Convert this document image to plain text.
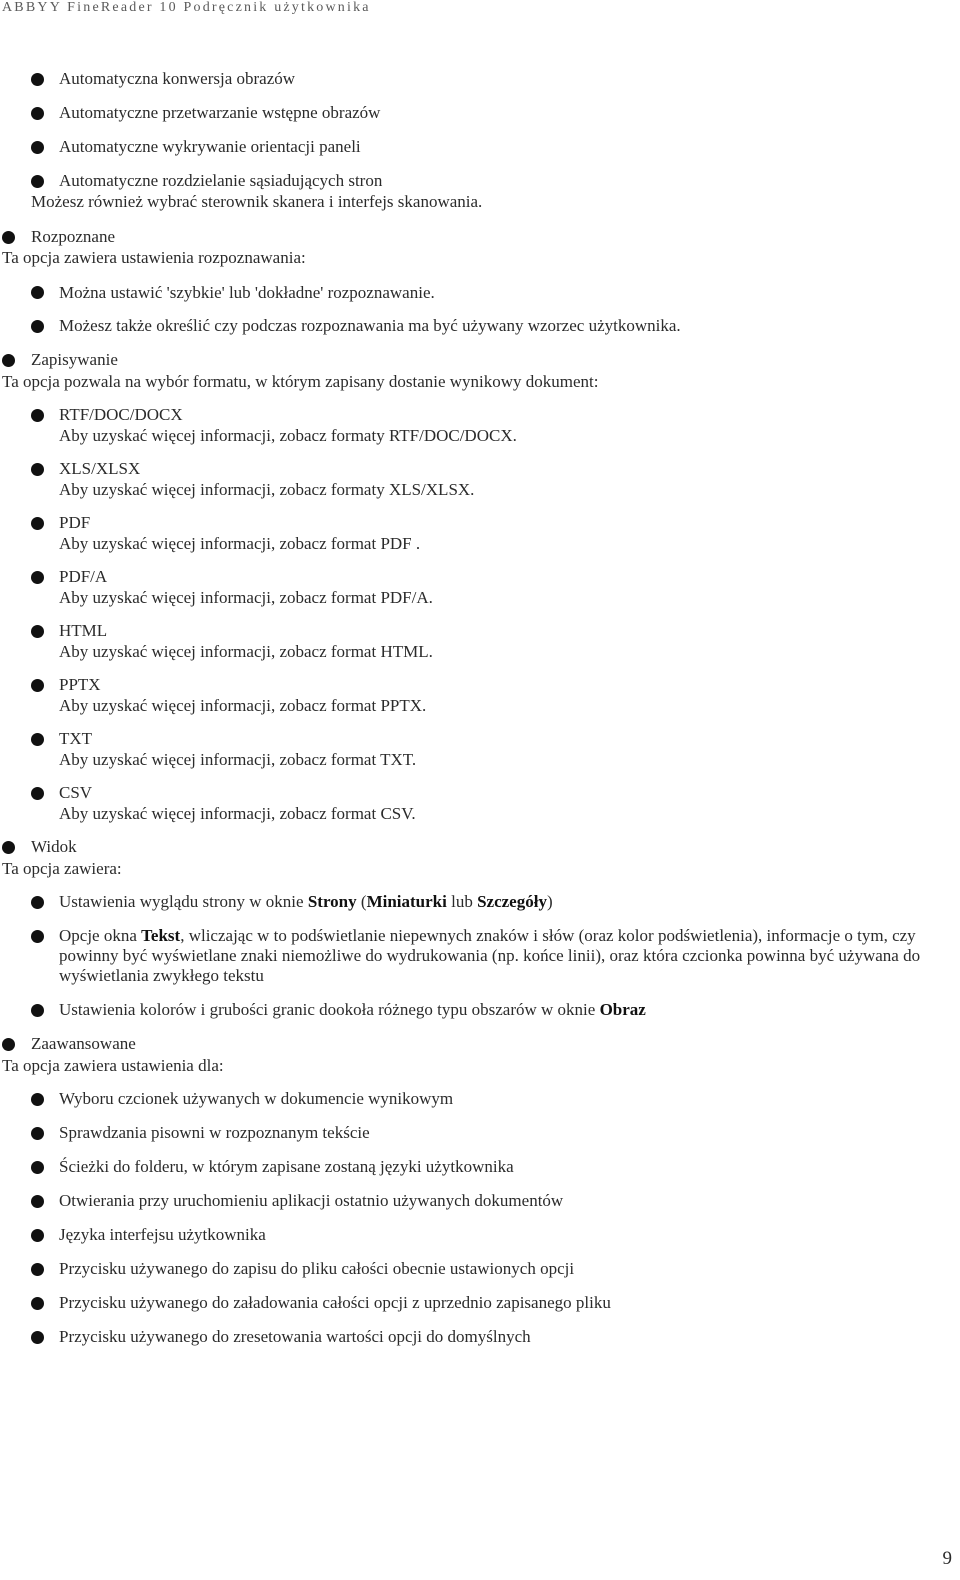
ABBYY FineReader 10 Podręcznik użytkownika
Automatyczna konwersja obrazów
Automatyczne przetwarzanie wstępne obrazów
Automatyczne wykrywanie orientacji paneli
Automatyczne rozdzielanie sąsiadujących stron
Możesz również wybrać sterownik skanera i interfejs skanowania.
Rozpoznane
Ta opcja zawiera ustawienia rozpoznawania:
Można ustawić 'szybkie' lub 'dokładne' rozpoznawanie.
Możesz także określić czy podczas rozpoznawania ma być używany wzorzec użytkownika.
Zapisywanie
Ta opcja pozwala na wybór formatu, w którym zapisany dostanie wynikowy dokument:
RTF/DOC/DOCX
Aby uzyskać więcej informacji, zobacz formaty RTF/DOC/DOCX.
XLS/XLSX
Aby uzyskać więcej informacji, zobacz formaty XLS/XLSX.
PDF
Aby uzyskać więcej informacji, zobacz format PDF .
PDF/A
Aby uzyskać więcej informacji, zobacz format PDF/A.
HTML
Aby uzyskać więcej informacji, zobacz format HTML.
PPTX
Aby uzyskać więcej informacji, zobacz format PPTX.
TXT
Aby uzyskać więcej informacji, zobacz format TXT.
CSV
Aby uzyskać więcej informacji, zobacz format CSV.
Widok
Ta opcja zawiera:
Ustawienia wyglądu strony w oknie Strony (Miniaturki lub Szczegóły)
Opcje okna Tekst, wliczając w to podświetlanie niepewnych znaków i słów (oraz kolor podświetlenia), informacje o tym, czy
powinny być wyświetlane znaki niemożliwe do wydrukowania (np. końce linii), oraz która czcionka powinna być używana do
wyświetlania zwykłego tekstu
Ustawienia kolorów i grubości granic dookoła różnego typu obszarów w oknie Obraz
Zaawansowane
Ta opcja zawiera ustawienia dla:
Wyboru czcionek używanych w dokumencie wynikowym
Sprawdzania pisowni w rozpoznanym tekście
Ścieżki do folderu, w którym zapisane zostaną języki użytkownika
Otwierania przy uruchomieniu aplikacji ostatnio używanych dokumentów
Języka interfejsu użytkownika
Przycisku używanego do zapisu do pliku całości obecnie ustawionych opcji
Przycisku używanego do załadowania całości opcji z uprzednio zapisanego pliku
Przycisku używanego do zresetowania wartości opcji do domyślnych
9
